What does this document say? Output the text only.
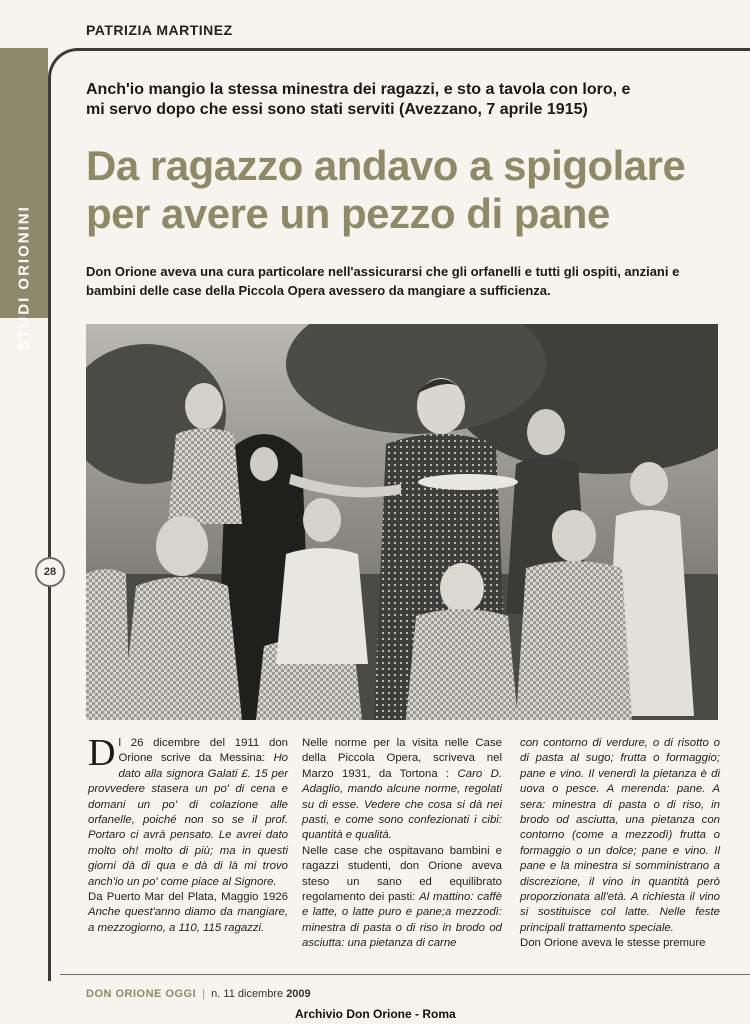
PATRIZIA MARTINEZ
STUDI ORIONINI
Anch'io mangio la stessa minestra dei ragazzi, e sto a tavola con loro, e mi servo dopo che essi sono stati serviti (Avezzano, 7 aprile 1915)
Da ragazzo andavo a spigolare per avere un pezzo di pane
Don Orione aveva una cura particolare nell'assicurarsi che gli orfanelli e tutti gli ospiti, anziani e bambini delle case della Piccola Opera avessero da mangiare a sufficienza.
28

Dl 26 dicembre del 1911 don Orione scrive da Messina: Ho dato alla signora Galati £. 15 per provvedere stasera un po' di cena e domani un po' di colazione alle orfanelle, poiché non so se il prof. Portaro ci avrà pensato. Le avrei dato molto oh! molto di più; ma in questi giorni dà di qua e dà di là mi trovo anch'io un po' come piace al Signore.

Da Puerto Mar del Plata, Maggio 1926 Anche quest'anno diamo da mangiare, a mezzogiorno, a 110, 115 ragazzi.

Nelle norme per la visita nelle Case della Piccola Opera, scriveva nel Marzo 1931, da Tortona : Caro D. Adaglio, mando alcune norme, regolati su di esse. Vedere che cosa si dà nei pasti, e come sono confezionati i cibi: quantità e qualità.

Nelle case che ospitavano bambini e ragazzi studenti, don Orione aveva steso un sano ed equilibrato regolamento dei pasti: Al mattino: caffè e latte, o latte puro e pane;a mezzodì: minestra di pasta o di riso in brodo od asciutta: una pietanza di carne

con contorno di verdure, o di risotto o di pasta al sugo; frutta o formaggio; pane e vino. Il venerdì la pietanza è di uova o pesce. A merenda: pane. A sera: minestra di pasta o di riso, in brodo od asciutta, una pietanza con contorno (come a mezzodì) frutta o formaggio o un dolce; pane e vino. Il pane e la minestra si somministrano a discrezione, il vino in quantità però proporzionata all'età. A richiesta il vino si sostituisce col latte. Nelle feste principali trattamento speciale.

Don Orione aveva le stesse premure

DON ORIONE OGGI | n. 11 dicembre 2009
Archivio Don Orione - Roma
